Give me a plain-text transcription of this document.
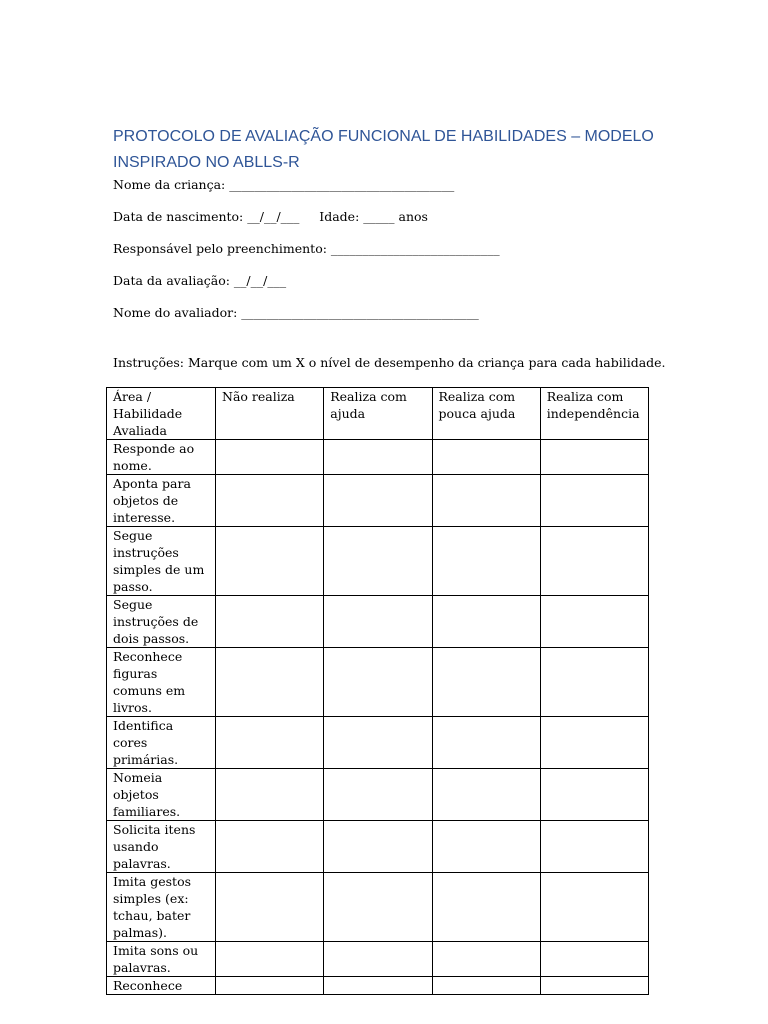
PROTOCOLO DE AVALIAÇÃO FUNCIONAL DE HABILIDADES – MODELO INSPIRADO NO ABLLS-R
Nome da criança: ____________________________________
Data de nascimento: __/__/___     Idade: _____ anos
Responsável pelo preenchimento: ___________________________
Data da avaliação: __/__/___
Nome do avaliador: ______________________________________
Instruções: Marque com um X o nível de desempenho da criança para cada habilidade.
Área / Habilidade Avaliada	Não realiza	Realiza com ajuda	Realiza com pouca ajuda	Realiza com independência
Responde ao nome.				
Aponta para objetos de interesse.				
Segue instruções simples de um passo.				
Segue instruções de dois passos.				
Reconhece figuras comuns em livros.				
Identifica cores primárias.				
Nomeia objetos familiares.				
Solicita itens usando palavras.				
Imita gestos simples (ex: tchau, bater palmas).				
Imita sons ou palavras.				
Reconhece				
